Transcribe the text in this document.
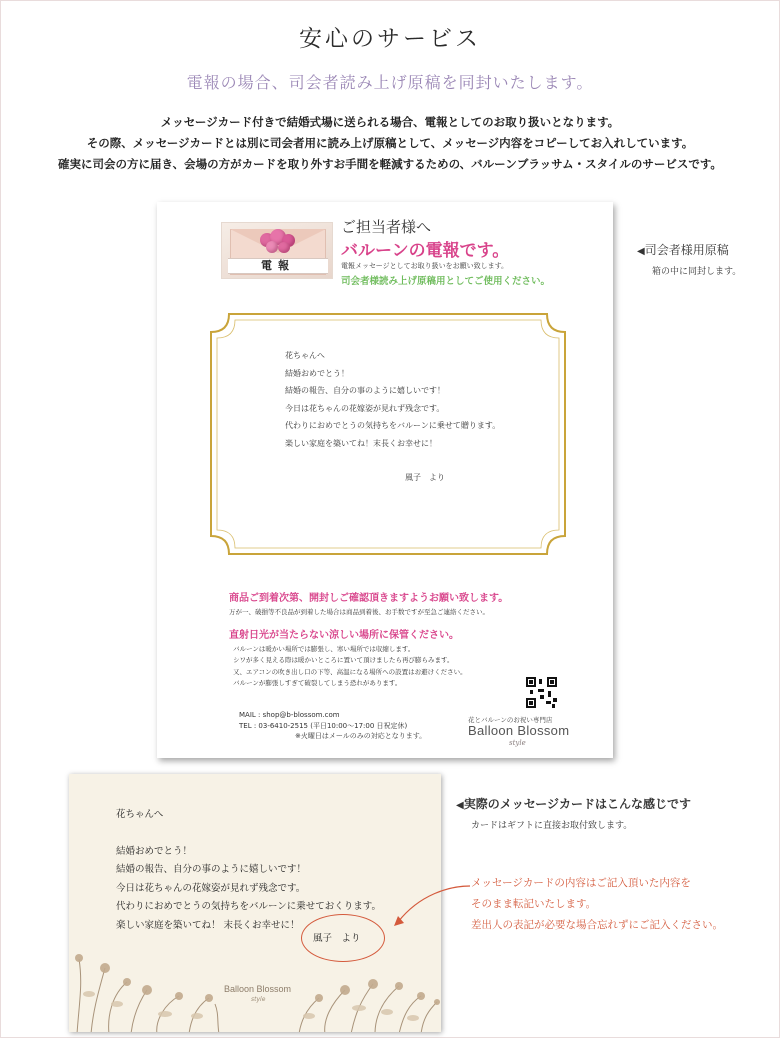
安心のサービス
電報の場合、司会者読み上げ原稿を同封いたします。
メッセージカード付きで結婚式場に送られる場合、電報としてのお取り扱いとなります。
その際、メッセージカードとは別に司会者用に読み上げ原稿として、メッセージ内容をコピーしてお入れしています。
確実に司会の方に届き、会場の方がカードを取り外すお手間を軽減するための、バルーンブラッサム・スタイルのサービスです。
電報
ご担当者様へ
バルーンの電報です。
電報メッセージとしてお取り扱いをお願い致します。
司会者様読み上げ原稿用としてご使用ください。
花ちゃんへ
結婚おめでとう！
結婚の報告、自分の事のように嬉しいです！
今日は花ちゃんの花嫁姿が見れず残念です。
代わりにおめでとうの気持ちをバルーンに乗せて贈ります。
楽しい家庭を築いてね！末長くお幸せに！
風子　より
商品ご到着次第、開封しご確認頂きますようお願い致します。
万が一、破損等不良品が到着した場合は商品到着後、お手数ですが至急ご連絡ください。
直射日光が当たらない涼しい場所に保管ください。
バルーンは暖かい場所では膨張し、寒い場所では収縮します。
シワが多く見える際は暖かいところに置いて頂けましたら再び膨らみます。
又、エアコンの吹き出し口の下等、高温になる場所への設置はお避けください。
バルーンが膨張しすぎて破裂してしまう恐れがあります。
MAIL : shop@b-blossom.com
TEL : 03-6410-2515 (平日10:00〜17:00 日祝定休)
※火曜日はメールのみの対応となります。
花とバルーンのお祝い専門店
Balloon Blossom
style
◀司会者様用原稿
箱の中に同封します。
花ちゃんへ
結婚おめでとう！
結婚の報告、自分の事のように嬉しいです！
今日は花ちゃんの花嫁姿が見れず残念です。
代わりにおめでとうの気持ちをバルーンに乗せておくります。
楽しい家庭を築いてね！ 末長くお幸せに！
風子　より
Balloon Blossom
style
◀実際のメッセージカードはこんな感じです
カードはギフトに直接お取付致します。
メッセージカードの内容はご記入頂いた内容を
そのまま転記いたします。
差出人の表記が必要な場合忘れずにご記入ください。
